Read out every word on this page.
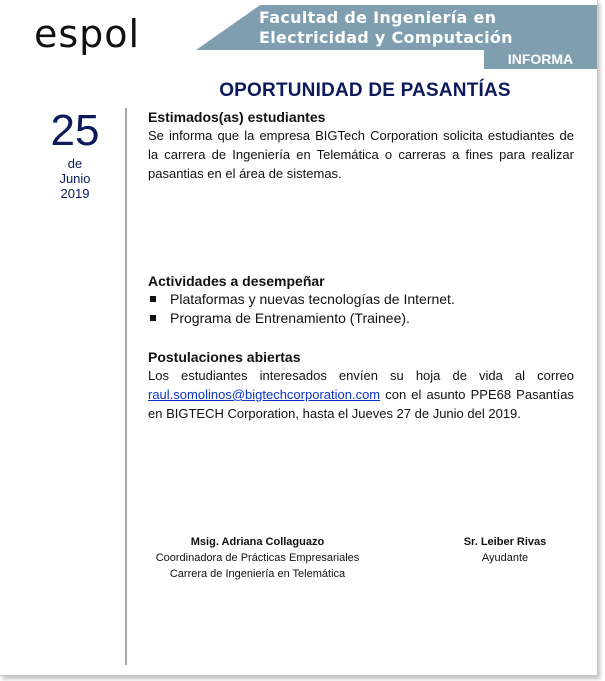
espol	Facultad de Ingeniería en
Electricidad y Computación
INFORMA
OPORTUNIDAD DE PASANTÍAS
25
de
Junio
2019

Estimados(as) estudiantes

Se informa que la empresa BIGTech Corporation solicita estudiantes de la carrera de Ingeniería en Telemática o carreras a fines para realizar pasantias en el área de sistemas.

Actividades a desempeñar

Plataformas y nuevas tecnologías de Internet.
Programa de Entrenamiento (Trainee).

Postulaciones abiertas

Los estudiantes interesados envíen su hoja de vida al correo raul.somolinos@bigtechcorporation.com con el asunto PPE68 Pasantías en BIGTECH Corporation, hasta el Jueves 27 de Junio del 2019.

Msig. Adriana Collaguazo
Coordinadora de Prácticas Empresariales
Carrera de Ingeniería en Telemática
Sr. Leiber Rivas
Ayudante
